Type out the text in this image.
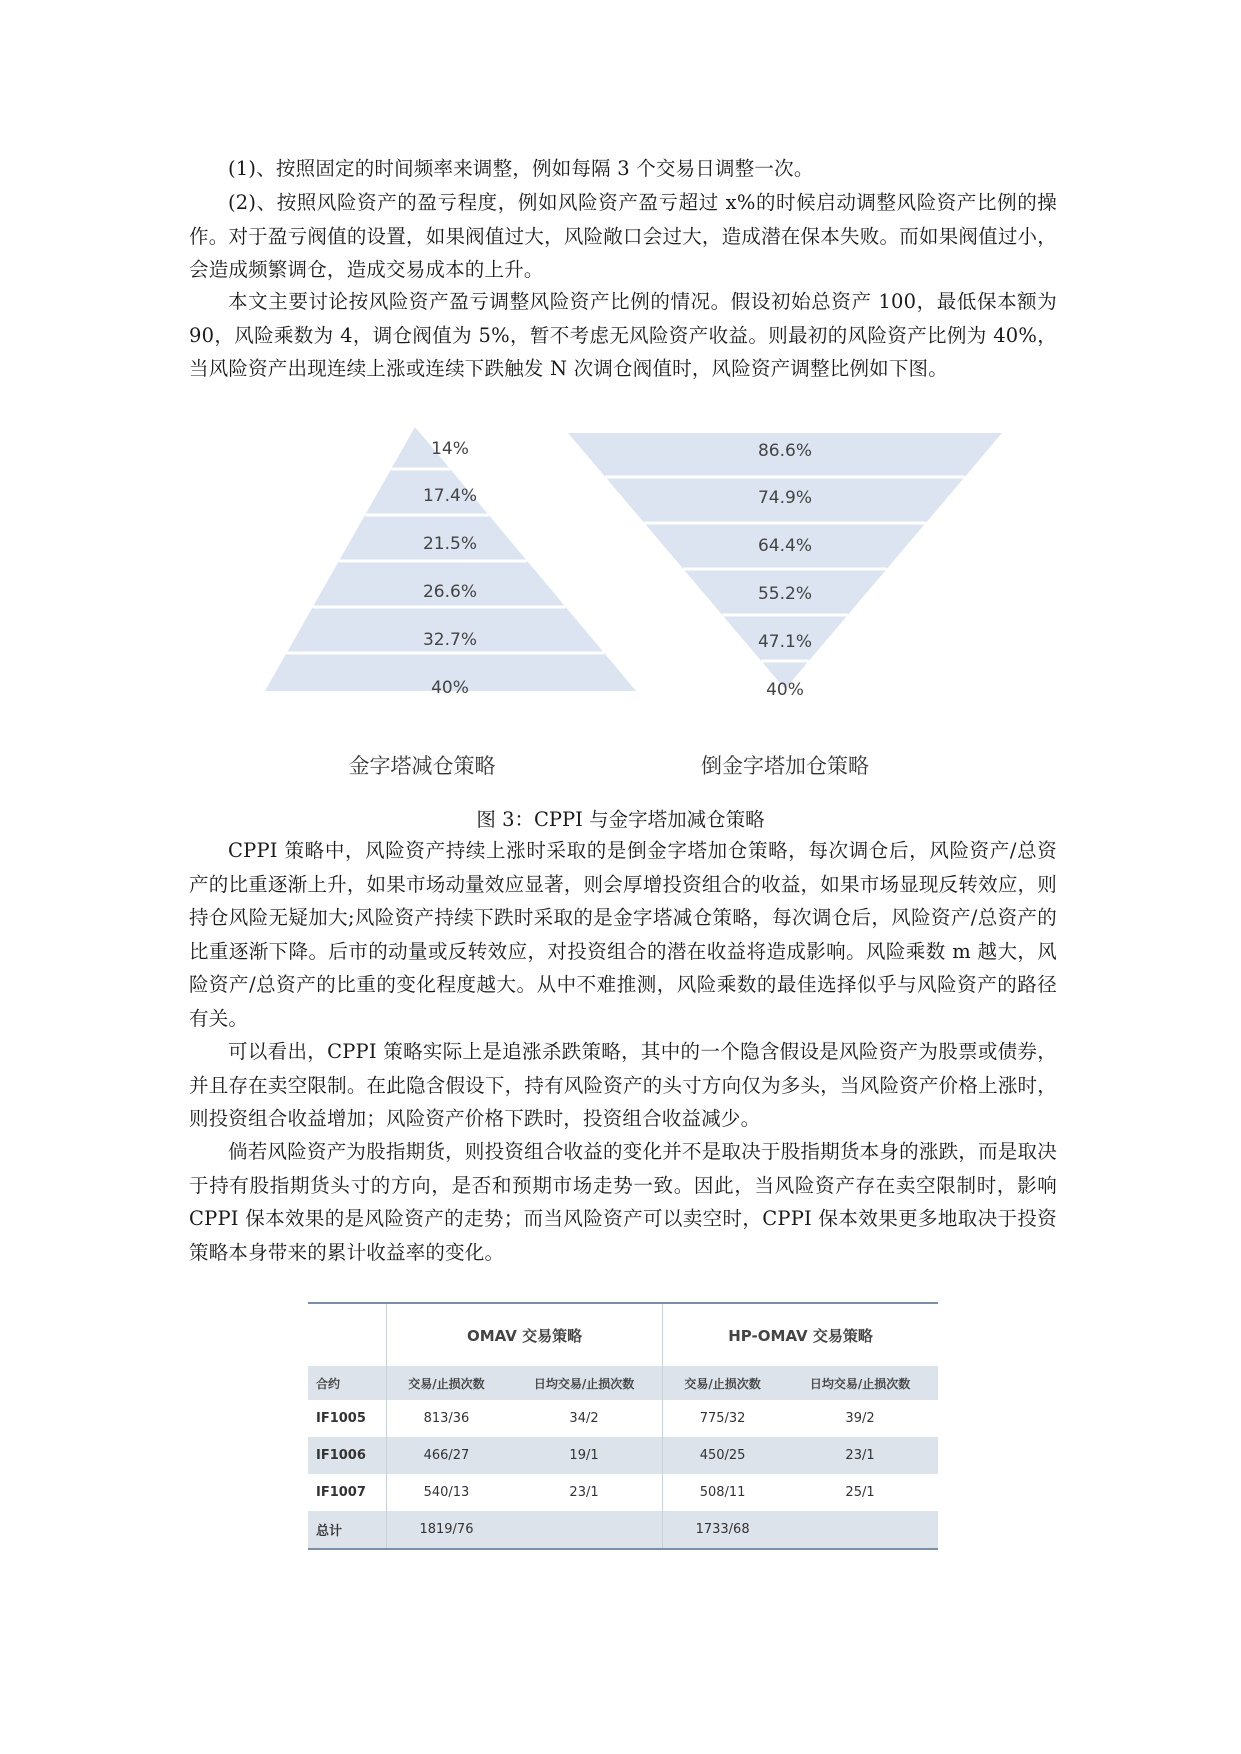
(1)、按照固定的时间频率来调整，例如每隔 3 个交易日调整一次。

(2)、按照风险资产的盈亏程度，例如风险资产盈亏超过 x%的时候启动调整风险资产比例的操作。对于盈亏阀值的设置，如果阀值过大，风险敞口会过大，造成潜在保本失败。而如果阀值过小，会造成频繁调仓，造成交易成本的上升。

本文主要讨论按风险资产盈亏调整风险资产比例的情况。假设初始总资产 100，最低保本额为 90，风险乘数为 4，调仓阀值为 5%，暂不考虑无风险资产收益。则最初的风险资产比例为 40%，当风险资产出现连续上涨或连续下跌触发 N 次调仓阀值时，风险资产调整比例如下图。

14%
17.4%
21.5%
26.6%
32.7%
40%
86.6%
74.9%
64.4%
55.2%
47.1%
40%
金字塔减仓策略	倒金字塔加仓策略
图 3：CPPI 与金字塔加减仓策略

CPPI 策略中，风险资产持续上涨时采取的是倒金字塔加仓策略，每次调仓后，风险资产/总资产的比重逐渐上升，如果市场动量效应显著，则会厚增投资组合的收益，如果市场显现反转效应，则持仓风险无疑加大;风险资产持续下跌时采取的是金字塔减仓策略，每次调仓后，风险资产/总资产的比重逐渐下降。后市的动量或反转效应，对投资组合的潜在收益将造成影响。风险乘数 m 越大，风险资产/总资产的比重的变化程度越大。从中不难推测，风险乘数的最佳选择似乎与风险资产的路径有关。

可以看出，CPPI 策略实际上是追涨杀跌策略，其中的一个隐含假设是风险资产为股票或债券，并且存在卖空限制。在此隐含假设下，持有风险资产的头寸方向仅为多头，当风险资产价格上涨时，则投资组合收益增加；风险资产价格下跌时，投资组合收益减少。

倘若风险资产为股指期货，则投资组合收益的变化并不是取决于股指期货本身的涨跌，而是取决于持有股指期货头寸的方向，是否和预期市场走势一致。因此，当风险资产存在卖空限制时，影响 CPPI 保本效果的是风险资产的走势；而当风险资产可以卖空时，CPPI 保本效果更多地取决于投资策略本身带来的累计收益率的变化。

	OMAV 交易策略		HP-OMAV 交易策略	
合约	交易/止损次数	日均交易/止损次数	交易/止损次数	日均交易/止损次数
IF1005	813/36	34/2	775/32	39/2
IF1006	466/27	19/1	450/25	23/1
IF1007	540/13	23/1	508/11	25/1
总计	1819/76		1733/68	
